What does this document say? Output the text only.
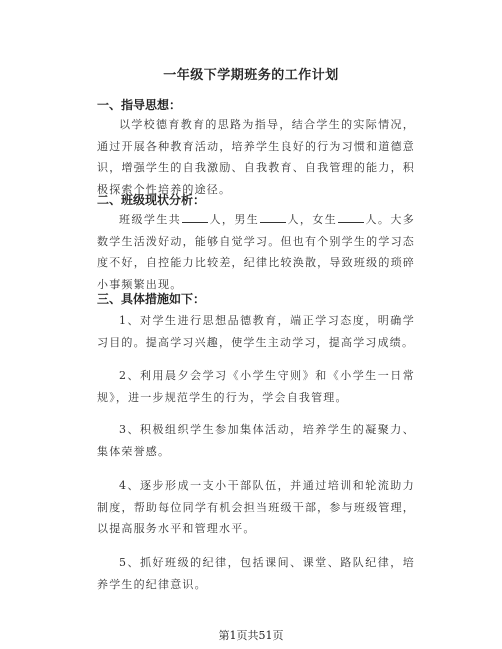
一年级下学期班务的工作计划
一、指导思想：

以学校德育教育的思路为指导，结合学生的实际情况，通过开展各种教育活动，培养学生良好的行为习惯和道德意识，增强学生的自我激励、自我教育、自我管理的能力，积极探索个性培养的途径。

二、班级现状分析：

班级学生共	人，男生	人，女生	人。大多数学生活泼好动，能够自觉学习。但也有个别学生的学习态度不好，自控能力比较差，纪律比较涣散，导致班级的琐碎小事频繁出现。

三、具体措施如下：

1、对学生进行思想品德教育，端正学习态度，明确学习目的。提高学习兴趣，使学生主动学习，提高学习成绩。

2、利用晨夕会学习《小学生守则》和《小学生一日常规》，进一步规范学生的行为，学会自我管理。

3、积极组织学生参加集体活动，培养学生的凝聚力、集体荣誉感。

4、逐步形成一支小干部队伍，并通过培训和轮流助力制度，帮助每位同学有机会担当班级干部，参与班级管理，以提高服务水平和管理水平。

5、抓好班级的纪律，包括课间、课堂、路队纪律，培养学生的纪律意识。

第1页共51页
